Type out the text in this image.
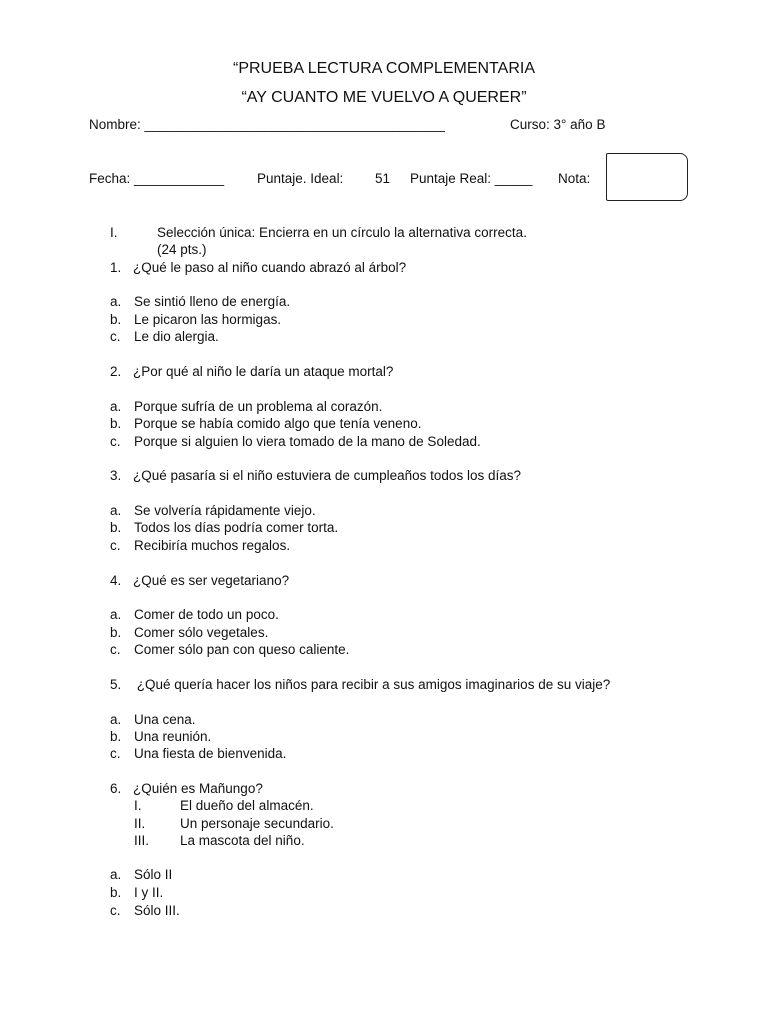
“PRUEBA LECTURA COMPLEMENTARIA
“AY CUANTO ME VUELVO A QUERER”
Nombre: ________________________________________	Curso: 3° año B
Fecha: ____________ Puntaje. Ideal: 51 Puntaje Real: _____ Nota:
I.	Selección única: Encierra en un círculo la alternativa correcta.
(24 pts.)
1. ¿Qué le paso al niño cuando abrazó al árbol?
a. Se sintió lleno de energía.
b. Le picaron las hormigas.
c. Le dio alergia.
2. ¿Por qué al niño le daría un ataque mortal?
a. Porque sufría de un problema al corazón.
b. Porque se había comido algo que tenía veneno.
c. Porque si alguien lo viera tomado de la mano de Soledad.
3. ¿Qué pasaría si el niño estuviera de cumpleaños todos los días?
a. Se volvería rápidamente viejo.
b. Todos los días podría comer torta.
c. Recibiría muchos regalos.
4. ¿Qué es ser vegetariano?
a. Comer de todo un poco.
b. Comer sólo vegetales.
c. Comer sólo pan con queso caliente.
5. ¿Qué quería hacer los niños para recibir a sus amigos imaginarios de su viaje?
a. Una cena.
b. Una reunión.
c. Una fiesta de bienvenida.
6. ¿Quién es Mañungo?
I.	El dueño del almacén.
II.	Un personaje secundario.
III.	La mascota del niño.
a. Sólo II
b. I y II.
c. Sólo III.
